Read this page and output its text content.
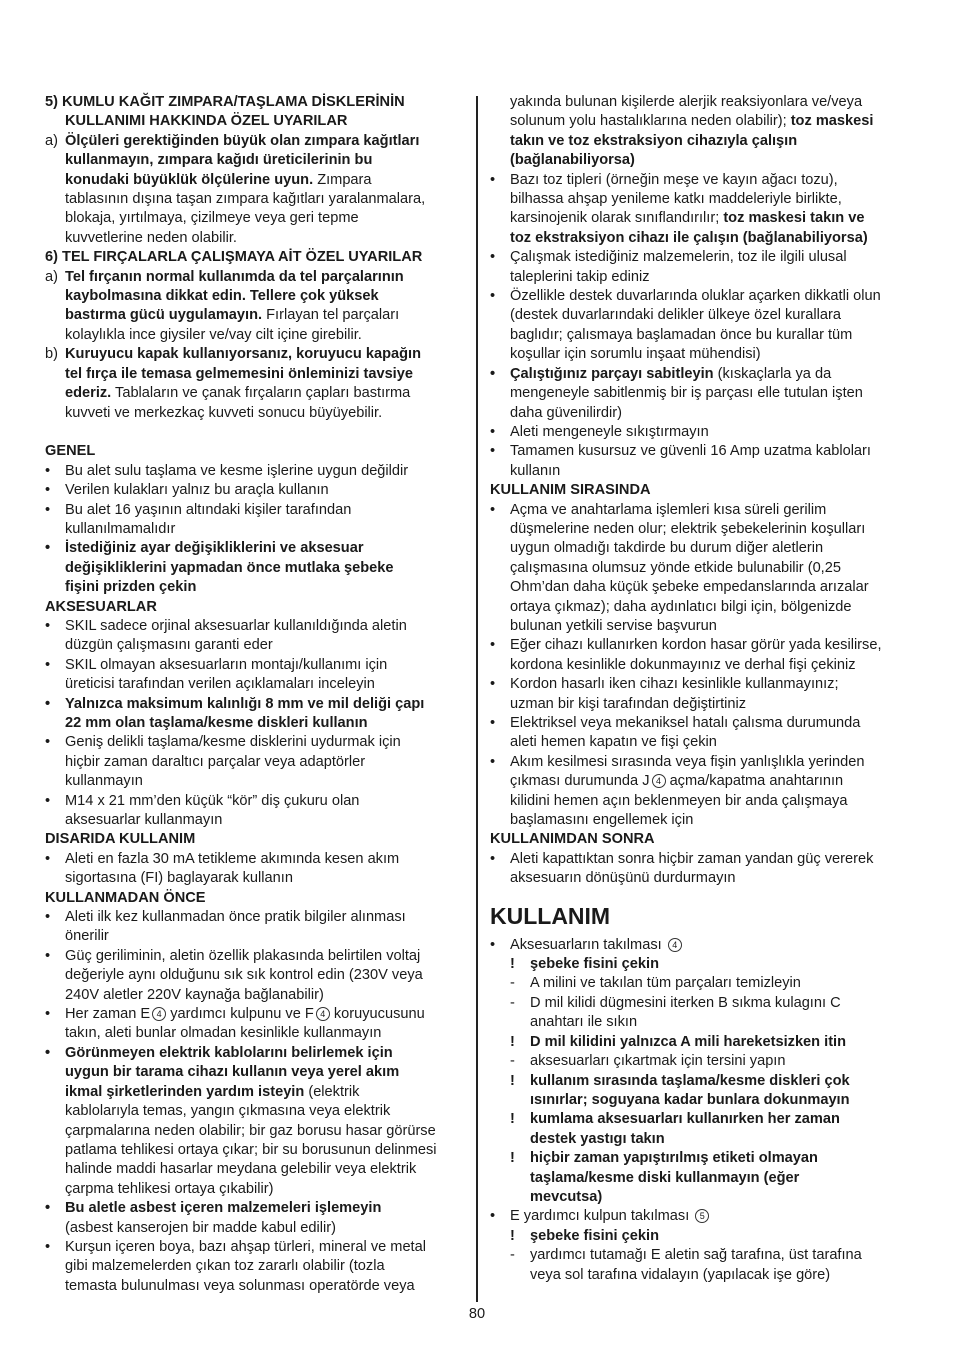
5) KUMLU KAĞIT ZIMPARA/TAŞLAMA DİSKLERİNİN
KULLANIMI HAKKINDA ÖZEL UYARILAR
a) Ölçüleri gerektiğinden büyük olan zımpara kağıtları
kullanmayın, zımpara kağıdı üreticilerinin bu
konudaki büyüklük ölçülerine uyun. Zımpara
tablasının dışına taşan zımpara kağıtları yaralanmalara,
blokaja, yırtılmaya, çizilmeye veya geri tepme
kuvvetlerine neden olabilir.
6) TEL FIRÇALARLA ÇALIŞMAYA AİT ÖZEL UYARILAR
a) Tel fırçanın normal kullanımda da tel parçalarının
kaybolmasına dikkat edin. Tellere çok yüksek
bastırma gücü uygulamayın. Fırlayan tel parçaları
kolaylıkla ince giysiler ve/vay cilt içine girebilir.
b) Kuruyucu kapak kullanıyorsanız, koruyucu kapağın
tel fırça ile temasa gelmemesini önleminizi tavsiye
ederiz. Tablaların ve çanak fırçaların çapları bastırma
kuvveti ve merkezkaç kuvveti sonucu büyüyebilir.
GENEL
•	Bu alet sulu taşlama ve kesme işlerine uygun değildir
•	Verilen kulakları yalnız bu araçla kullanın
•	Bu alet 16 yaşının altındaki kişiler tarafından
kullanılmamalıdır
•	İstediğiniz ayar değişikliklerini ve aksesuar
değişikliklerini yapmadan önce mutlaka şebeke
fişini prizden çekin
AKSESUARLAR
•	SKIL sadece orjinal aksesuarlar kullanıldığında aletin
düzgün çalışmasını garanti eder
•	SKIL olmayan aksesuarların montajı/kullanımı için
üreticisi tarafından verilen açıklamaları inceleyin
•	Yalnızca maksimum kalınlığı 8 mm ve mil deliği çapı
22 mm olan taşlama/kesme diskleri kullanın
•	Geniş delikli taşlama/kesme disklerini uydurmak için
hiçbir zaman daraltıcı parçalar veya adaptörler
kullanmayın
•	M14 x 21 mm’den küçük “kör” diş çukuru olan
aksesuarlar kullanmayın
DISARIDA KULLANIM
•	Aleti en fazla 30 mA tetikleme akımında kesen akım
sigortasına (FI) baglayarak kullanın
KULLANMADAN ÖNCE
•	Aleti ilk kez kullanmadan önce pratik bilgiler alınması
önerilir
•	Güç geriliminin, aletin özellik plakasında belirtilen voltaj
değeriyle aynı olduğunu sık sık kontrol edin (230V veya
240V aletler 220V kaynağa bağlanabilir)
•	Her zaman E 4 yardımcı kulpunu ve F 4 koruyucusunu
takın, aleti bunlar olmadan kesinlikle kullanmayın
•	Görünmeyen elektrik kablolarını belirlemek için
uygun bir tarama cihazı kullanın veya yerel akım
ikmal şirketlerinden yardım isteyin (elektrik
kablolarıyla temas, yangın çıkmasına veya elektrik
çarpmalarına neden olabilir; bir gaz borusu hasar görürse
patlama tehlikesi ortaya çıkar; bir su borusunun delinmesi
halinde maddi hasarlar meydana gelebilir veya elektrik
çarpma tehlikesi ortaya çıkabilir)
•	Bu aletle asbest içeren malzemeleri işlemeyin
(asbest kanserojen bir madde kabul edilir)
•	Kurşun içeren boya, bazı ahşap türleri, mineral ve metal
gibi malzemelerden çıkan toz zararlı olabilir (tozla
temasta bulunulması veya solunması operatörde veya
yakında bulunan kişilerde alerjik reaksiyonlara ve/veya
solunum yolu hastalıklarına neden olabilir); toz maskesi
takın ve toz ekstraksiyon cihazıyla çalışın
(bağlanabiliyorsa)
•	Bazı toz tipleri (örneğin meşe ve kayın ağacı tozu),
bilhassa ahşap yenileme katkı maddeleriyle birlikte,
karsinojenik olarak sınıflandırılır; toz maskesi takın ve
toz ekstraksiyon cihazı ile çalışın (bağlanabiliyorsa)
•	Çalışmak istediğiniz malzemelerin, toz ile ilgili ulusal
taleplerini takip ediniz
•	Özellikle destek duvarlarında oluklar açarken dikkatli olun
(destek duvarlarındaki delikler ülkeye özel kurallara
baglıdır; çalısmaya başlamadan önce bu kurallar tüm
koşullar için sorumlu inşaat mühendisi)
•	Çalıştığınız parçayı sabitleyin (kıskaçlarla ya da
mengeneyle sabitlenmiş bir iş parçası elle tutulan işten
daha güvenilirdir)
•	Aleti mengeneyle sıkıştırmayın
•	Tamamen kusursuz ve güvenli 16 Amp uzatma kabloları
kullanın
KULLANIM SIRASINDA
•	Açma ve anahtarlama işlemleri kısa süreli gerilim
düşmelerine neden olur; elektrik şebekelerinin koşulları
uygun olmadığı takdirde bu durum diğer aletlerin
çalışmasına olumsuz yönde etkide bulunabilir (0,25
Ohm’dan daha küçük şebeke empedanslarında arızalar
ortaya çıkmaz); daha aydınlatıcı bilgi için, bölgenizde
bulunan yetkili servise başvurun
•	Eğer cihazı kullanırken kordon hasar görür yada kesilirse,
kordona kesinlikle dokunmayınız ve derhal fişi çekiniz
•	Kordon hasarlı iken cihazı kesinlikle kullanmayınız;
uzman bir kişi tarafından değiştirtiniz
•	Elektriksel veya mekaniksel hatalı çalısma durumunda
aleti hemen kapatın ve fişi çekin
•	Akım kesilmesi sırasında veya fişin yanlışlıkla yerinden
çıkması durumunda J 4 açma/kapatma anahtarının
kilidini hemen açın beklenmeyen bir anda çalışmaya
başlamasını engellemek için
KULLANIMDAN SONRA
•	Aleti kapattıktan sonra hiçbir zaman yandan güç vererek
aksesuarın dönüşünü durdurmayın
KULLANIM
•	Aksesuarların takılması 4
!	şebeke fisini çekin
-	A milini ve takılan tüm parçaları temizleyin
-	D mil kilidi dügmesini iterken B sıkma kulagını C
anahtarı ile sıkın
!	D mil kilidini yalnızca A mili hareketsizken itin
-	aksesuarları çıkartmak için tersini yapın
!	kullanım sırasında taşlama/kesme diskleri çok
ısınırlar; soguyana kadar bunlara dokunmayın
!	kumlama aksesuarları kullanırken her zaman
destek yastıgı takın
!	hiçbir zaman yapıştırılmış etiketi olmayan
taşlama/kesme diski kullanmayın (eğer
mevcutsa)
•	E yardımcı kulpun takılması 5
!	şebeke fisini çekin
-	yardımcı tutamağı E aletin sağ tarafına, üst tarafına
veya sol tarafına vidalayın (yapılacak işe göre)
80
